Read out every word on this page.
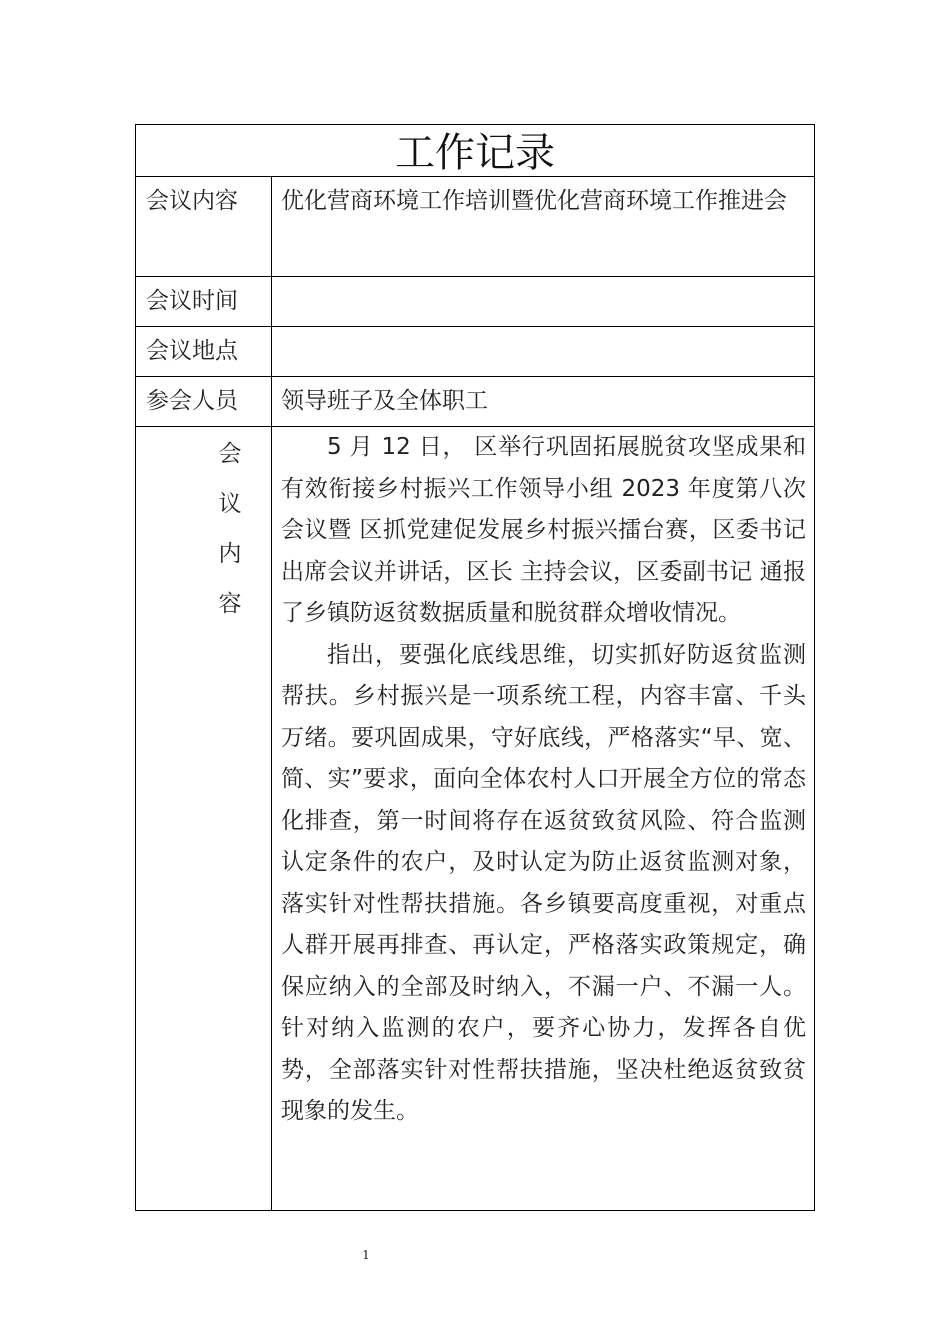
工作记录
会议内容	优化营商环境工作培训暨优化营商环境工作推进会
会议时间
会议地点
参会人员	领导班子及全体职工
会
议
内
容

5 月 12 日， 区举行巩固拓展脱贫攻坚成果和有效衔接乡村振兴工作领导小组 2023 年度第八次会议暨 区抓党建促发展乡村振兴擂台赛，区委书记 出席会议并讲话，区长 主持会议，区委副书记 通报了乡镇防返贫数据质量和脱贫群众增收情况。

指出，要强化底线思维，切实抓好防返贫监测帮扶。乡村振兴是一项系统工程，内容丰富、千头万绪。要巩固成果，守好底线，严格落实“早、宽、简、实”要求，面向全体农村人口开展全方位的常态化排查，第一时间将存在返贫致贫风险、符合监测认定条件的农户，及时认定为防止返贫监测对象，落实针对性帮扶措施。各乡镇要高度重视，对重点人群开展再排查、再认定，严格落实政策规定，确保应纳入的全部及时纳入，不漏一户、不漏一人。针对纳入监测的农户，要齐心协力，发挥各自优势，全部落实针对性帮扶措施，坚决杜绝返贫致贫现象的发生。

1
